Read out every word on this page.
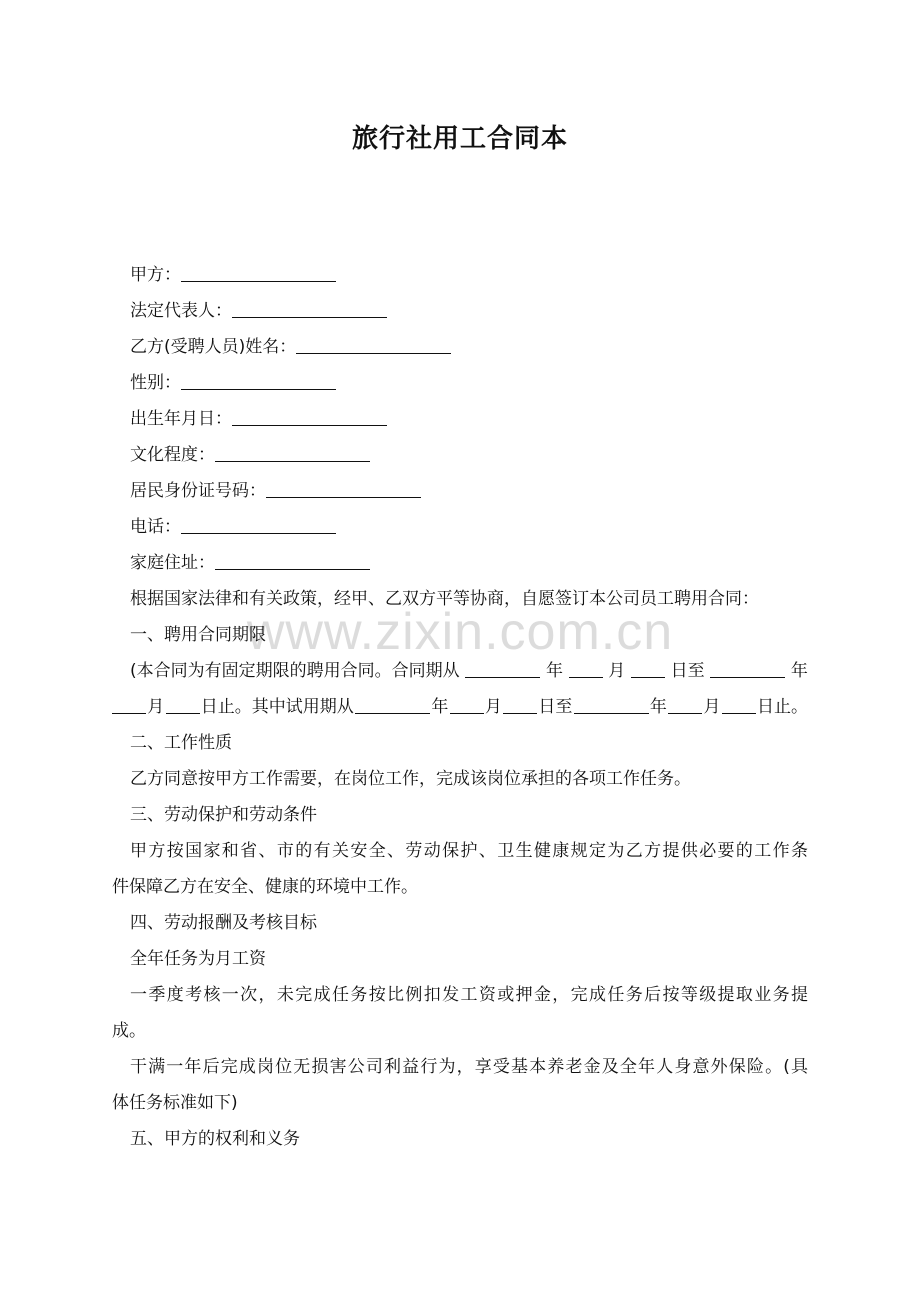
旅行社用工合同本
www.zixin.com.cn
甲方：
法定代表人：
乙方(受聘人员)姓名：
性别：
出生年月日：
文化程度：
居民身份证号码：
电话：
家庭住址：
根据国家法律和有关政策，经甲、乙双方平等协商，自愿签订本公司员工聘用合同：
一、聘用合同期限
(本合同为有固定期限的聘用合同。合同期从	年	月	日至	年
月 日止。其中试用期从	年 月 日至	年 月 日止。
二、工作性质
乙方同意按甲方工作需要，在岗位工作，完成该岗位承担的各项工作任务。
三、劳动保护和劳动条件
甲方按国家和省、市的有关安全、劳动保护、卫生健康规定为乙方提供必要的工作条
件保障乙方在安全、健康的环境中工作。
四、劳动报酬及考核目标
全年任务为月工资
一季度考核一次，未完成任务按比例扣发工资或押金，完成任务后按等级提取业务提
成。
干满一年后完成岗位无损害公司利益行为，享受基本养老金及全年人身意外保险。(具
体任务标准如下)
五、甲方的权利和义务
